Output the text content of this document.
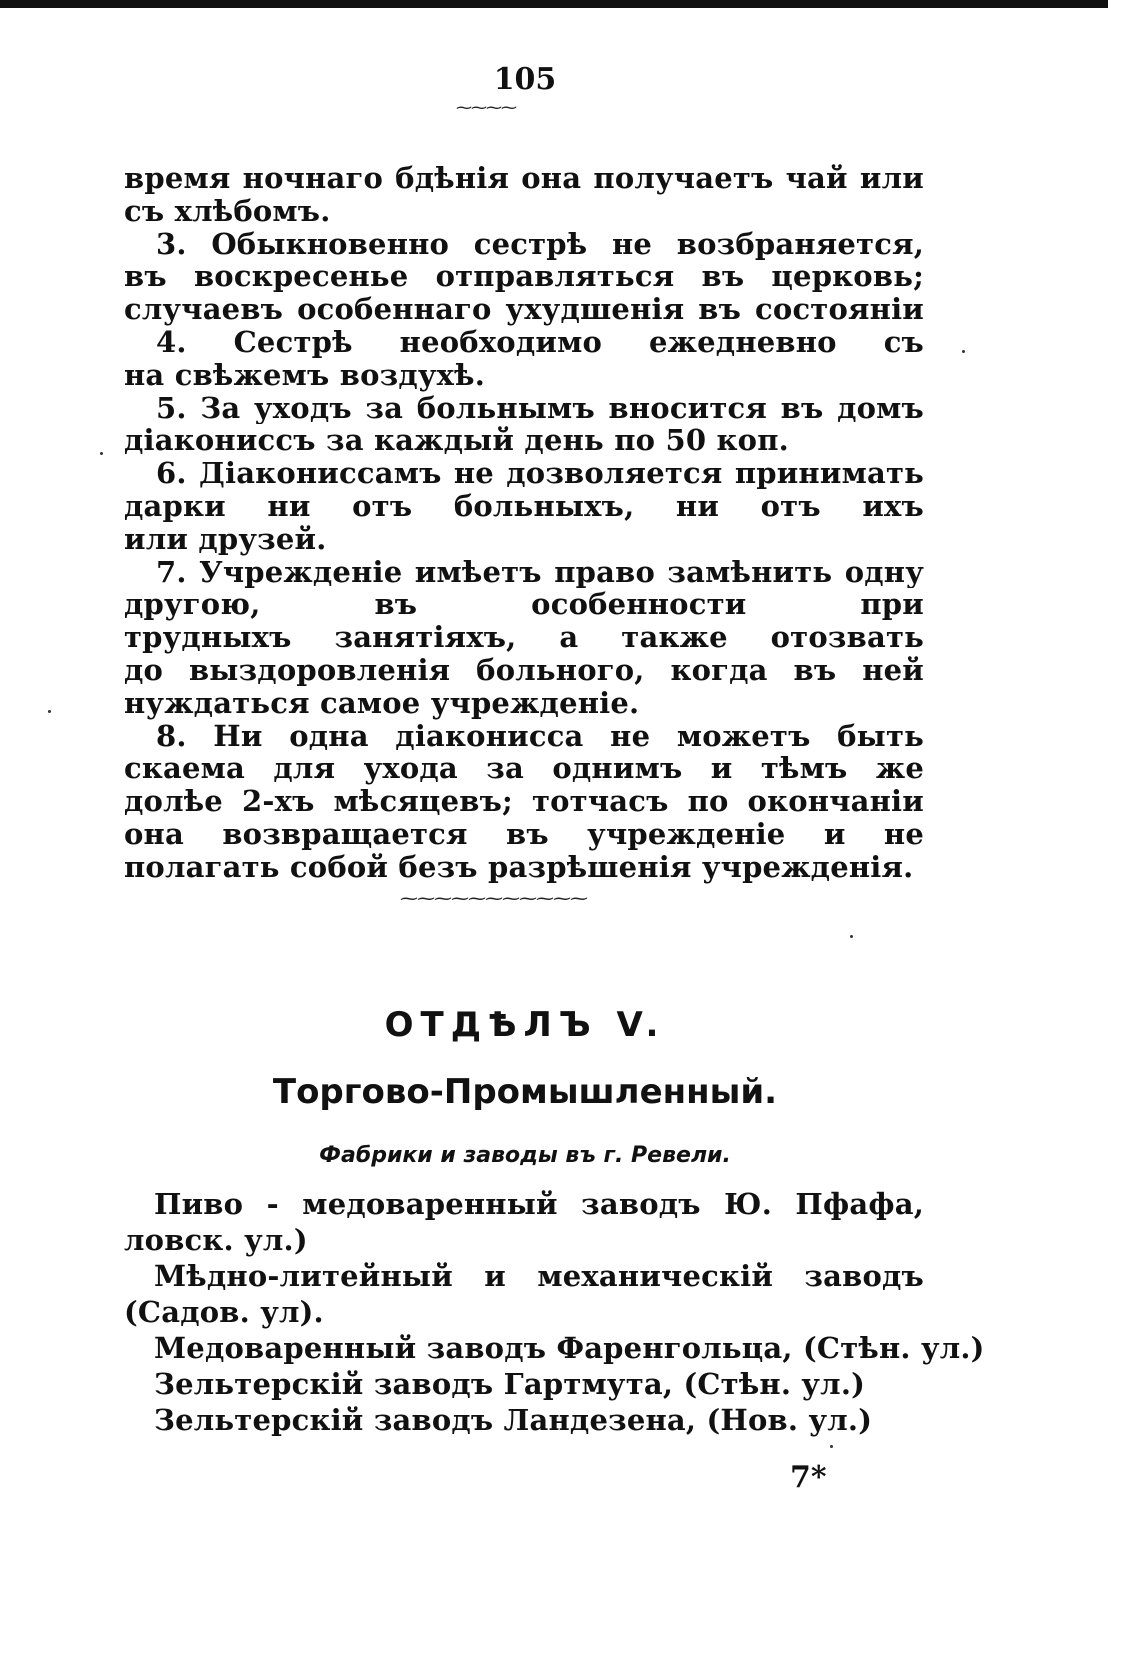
105
⁓⁓⁓⁓
время ночнаго бдѣнія она получаетъ чай или
съ хлѣбомъ.
3. Обыкновенно сестрѣ не возбраняется,
въ воскресенье отправляться въ церковь;
случаевъ особеннаго ухудшенія въ состояніи
4. Сестрѣ необходимо ежедневно съ
на свѣжемъ воздухѣ.
5. За уходъ за больнымъ вносится въ домъ
діакониссъ за каждый день по 50 коп.
6. Діакониссамъ не дозволяется принимать
дарки ни отъ больныхъ, ни отъ ихъ
или друзей.
7. Учрежденіе имѣетъ право замѣнить одну
другою, въ особенности при
трудныхъ занятіяхъ, а также отозвать
до выздоровленія больного, когда въ ней
нуждаться самое учрежденіе.
8. Ни одна діаконисса не можетъ быть
скаема для ухода за однимъ и тѣмъ же
долѣе 2-хъ мѣсяцевъ; тотчасъ по окончаніи
она возвращается въ учрежденіе и не
полагать собой безъ разрѣшенія учрежденія.
⁓⁓⁓⁓⁓⁓⁓⁓⁓⁓⁓
ОТДѢЛЪ V.
Торгово-Промышленный.
Фабрики и заводы въ г. Ревели.
Пиво - медоваренный заводъ Ю. Пфафа,
ловск. ул.)
Мѣдно-литейный и механическій заводъ
(Садов. ул).
Медоваренный заводъ Фаренгольца, (Стѣн. ул.)
Зельтерскій заводъ Гартмута, (Стѣн. ул.)
Зельтерскій заводъ Ландезена, (Нов. ул.)
7*
